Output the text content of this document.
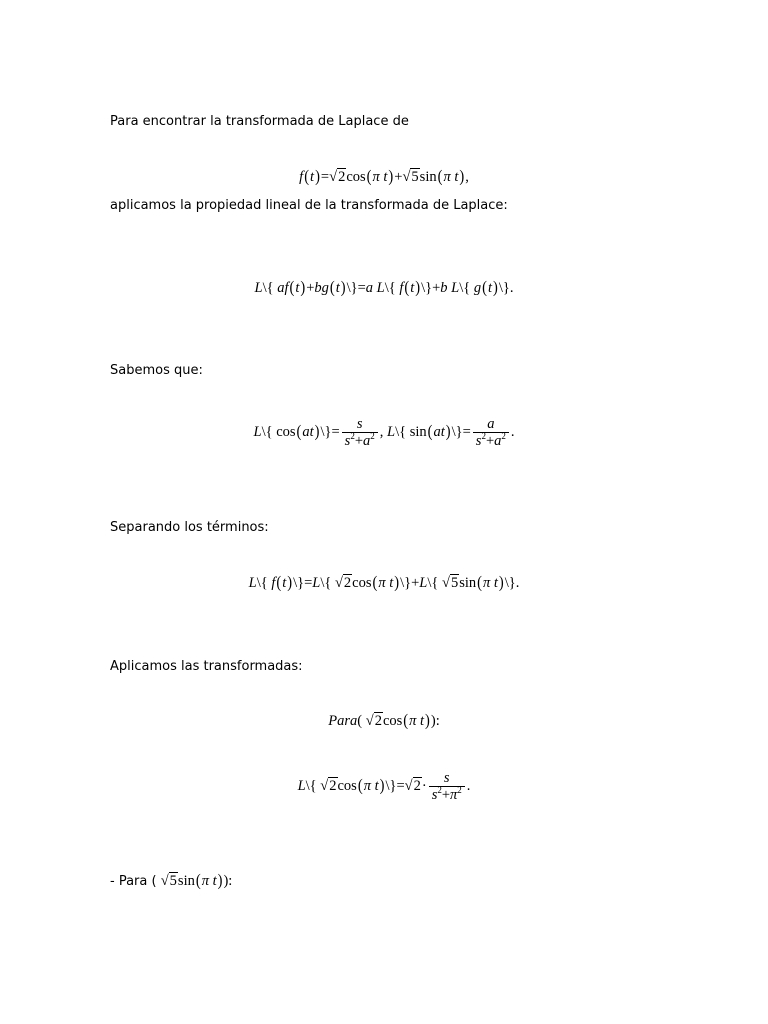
Para encontrar la transformada de Laplace de
f(t)=√2cos(π t)+√5sin(π t),
aplicamos la propiedad lineal de la transformada de Laplace:
L\{ af(t)+bg(t)\}=a L\{ f(t)\}+b L\{ g(t)\}.
Sabemos que:
L\{ cos(at)\}= $\frac{s}{s^2+a^2}$ , L\{ sin(at)\}= $\frac{a}{s^2+a^2}$ .
Separando los términos:
L\{ f(t)\}=L\{ √2cos(π t)\}+L\{ √5sin(π t)\}.
Aplicamos las transformadas:
Para( √2cos(π t)):
L\{ √2cos(π t)\}=√2· $\frac{s}{s^2+\pi^2}$ .
- Para ( √5sin(π t)):
